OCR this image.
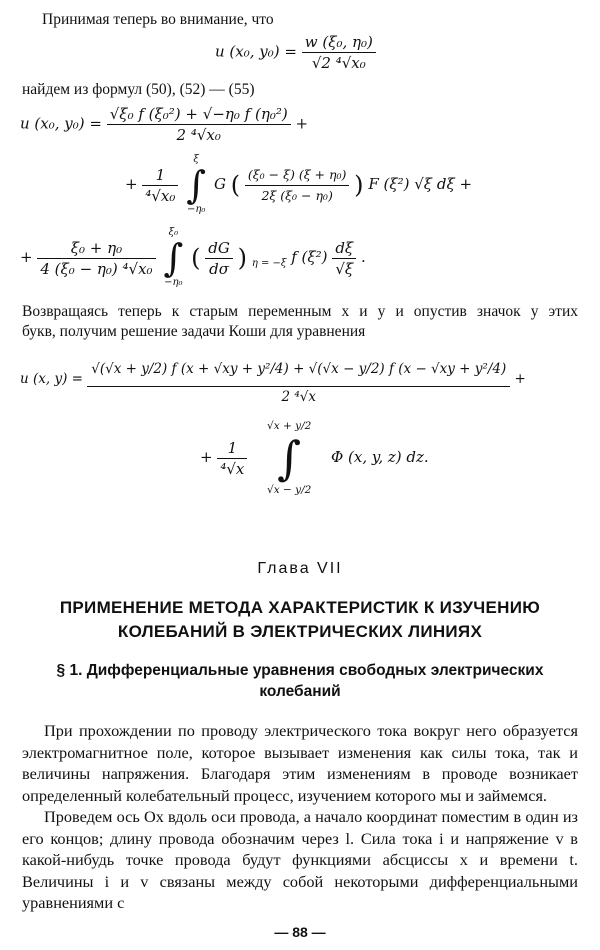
Принимая теперь во внимание, что
u (x₀, $y_0) = \frac{\text{w (ξ₀, η₀)}}{\text{√2 ⁴√x₀}}$
найдем из формул (50), (52) — (55)
u (x₀, $y_0) = \frac{\text{√ξ₀ f (ξ₀²) + √−η₀ f (η₀²)}}{\text{2 ⁴√x₀}}$ +
+ $\frac{1}{\text{⁴√x₀}}$

ξ
∫
−η₀
G ( $\frac{\text{(ξ₀ − ξ) (ξ + η₀)}}{\text{2ξ (ξ₀ − η₀)}}$ ) F (ξ²) √ξ dξ +
+ $\frac{\text{ξ₀ + η₀}}{\text{4 (ξ₀ − η₀) ⁴√x₀}}$

ξ₀
∫
−η₀
( $\frac{dG}{d\sigma}$ ) $_{\eta = -\xi}$ f $(\xi^2) \frac{d\xi}{√\xi}$ .
Возвращаясь теперь к старым переменным x и y и опустив значок у этих
букв, получим решение задачи Коши для уравнения
u (x, y) =
√(√x + y/2) f (x + √xy + y²/4) + √(√x − y/2) f (x − √xy + y²/4)
2 ⁴√x
+
+ $\frac{1}{\text{⁴√x}}$

√x + y/2
∫
√x − y/2
Φ (x, y, z) dz.
Глава VII
ПРИМЕНЕНИЕ МЕТОДА ХАРАКТЕРИСТИК К ИЗУЧЕНИЮ
КОЛЕБАНИЙ В ЭЛЕКТРИЧЕСКИХ ЛИНИЯХ
§ 1. Дифференциальные уравнения свободных электрических
колебаний

При прохождении по проводу электрического тока вокруг него образуется электромагнитное поле, которое вызывает изменения как силы тока, так и величины напряжения. Благодаря этим изменениям в проводе возникает определенный колебательный процесс, изучением которого мы и займемся.

Проведем ось Ox вдоль оси провода, а начало координат поместим в один из его концов; длину провода обозначим через l. Сила тока i и напряжение v в какой-нибудь точке провода будут функциями абсциссы x и времени t. Величины i и v связаны между собой некоторыми дифференциальными уравнениями с

— 88 —
